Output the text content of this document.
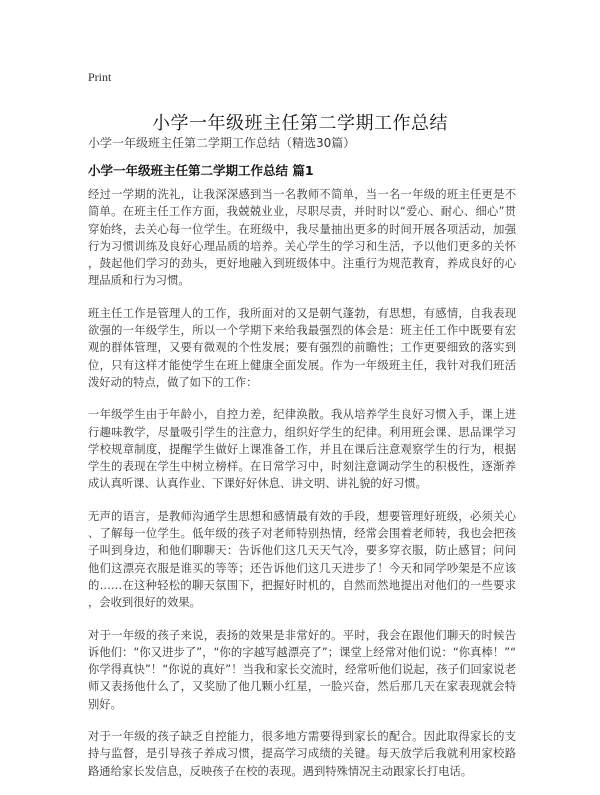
Print
小学一年级班主任第二学期工作总结
小学一年级班主任第二学期工作总结（精选30篇）
小学一年级班主任第二学期工作总结 篇1

经过一学期的洗礼，让我深深感到当一名教师不简单，当一名一年级的班主任更是不简单。在班主任工作方面，我兢兢业业，尽职尽责，并时时以“爱心、耐心、细心”贯穿始终，去关心每一位学生。在班级中，我尽量抽出更多的时间开展各项活动，加强行为习惯训练及良好心理品质的培养。关心学生的学习和生活，予以他们更多的关怀，鼓起他们学习的劲头，更好地融入到班级体中。注重行为规范教育，养成良好的心理品质和行为习惯。

班主任工作是管理人的工作，我所面对的又是朝气蓬勃，有思想，有感情，自我表现欲强的一年级学生，所以一个学期下来给我最强烈的体会是：班主任工作中既要有宏观的群体管理，又要有微观的个性发展；要有强烈的前瞻性；工作更要细致的落实到位，只有这样才能使学生在班上健康全面发展。作为一年级班主任，我针对我们班活泼好动的特点，做了如下的工作：

一年级学生由于年龄小，自控力差，纪律涣散。我从培养学生良好习惯入手，课上进行趣味教学，尽量吸引学生的注意力，组织好学生的纪律。利用班会课、思品课学习学校规章制度，提醒学生做好上课准备工作，并且在课后注意观察学生的行为，根据学生的表现在学生中树立榜样。在日常学习中，时刻注意调动学生的积极性，逐渐养成认真听课、认真作业、下课好好休息、讲文明、讲礼貌的好习惯。

无声的语言，是教师沟通学生思想和感情最有效的手段，想要管理好班级，必须关心、了解每一位学生。低年级的孩子对老师特别热情，经常会围着老师转，我也会把孩子叫到身边，和他们聊聊天：告诉他们这几天天气冷，要多穿衣服，防止感冒；问问他们这漂亮衣服是谁买的等等；还告诉他们这几天进步了！今天和同学吵架是不应该的……在这种轻松的聊天氛围下，把握好时机的，自然而然地提出对他们的一些要求，会收到很好的效果。

对于一年级的孩子来说，表扬的效果是非常好的。平时，我会在跟他们聊天的时候告诉他们：“你又进步了”，“你的字越写越漂亮了”；课堂上经常对他们说：“你真棒！”“你学得真快”！“你说的真好”！当我和家长交流时，经常听他们说起，孩子们回家说老师又表扬他什么了，又奖励了他几颗小红星，一脸兴奋，然后那几天在家表现就会特别好。

对于一年级的孩子缺乏自控能力，很多地方需要得到家长的配合。因此取得家长的支持与监督，是引导孩子养成习惯，提高学习成绩的关键。每天放学后我就利用家校路路通给家长发信息，反映孩子在校的表现。遇到特殊情况主动跟家长打电话。
